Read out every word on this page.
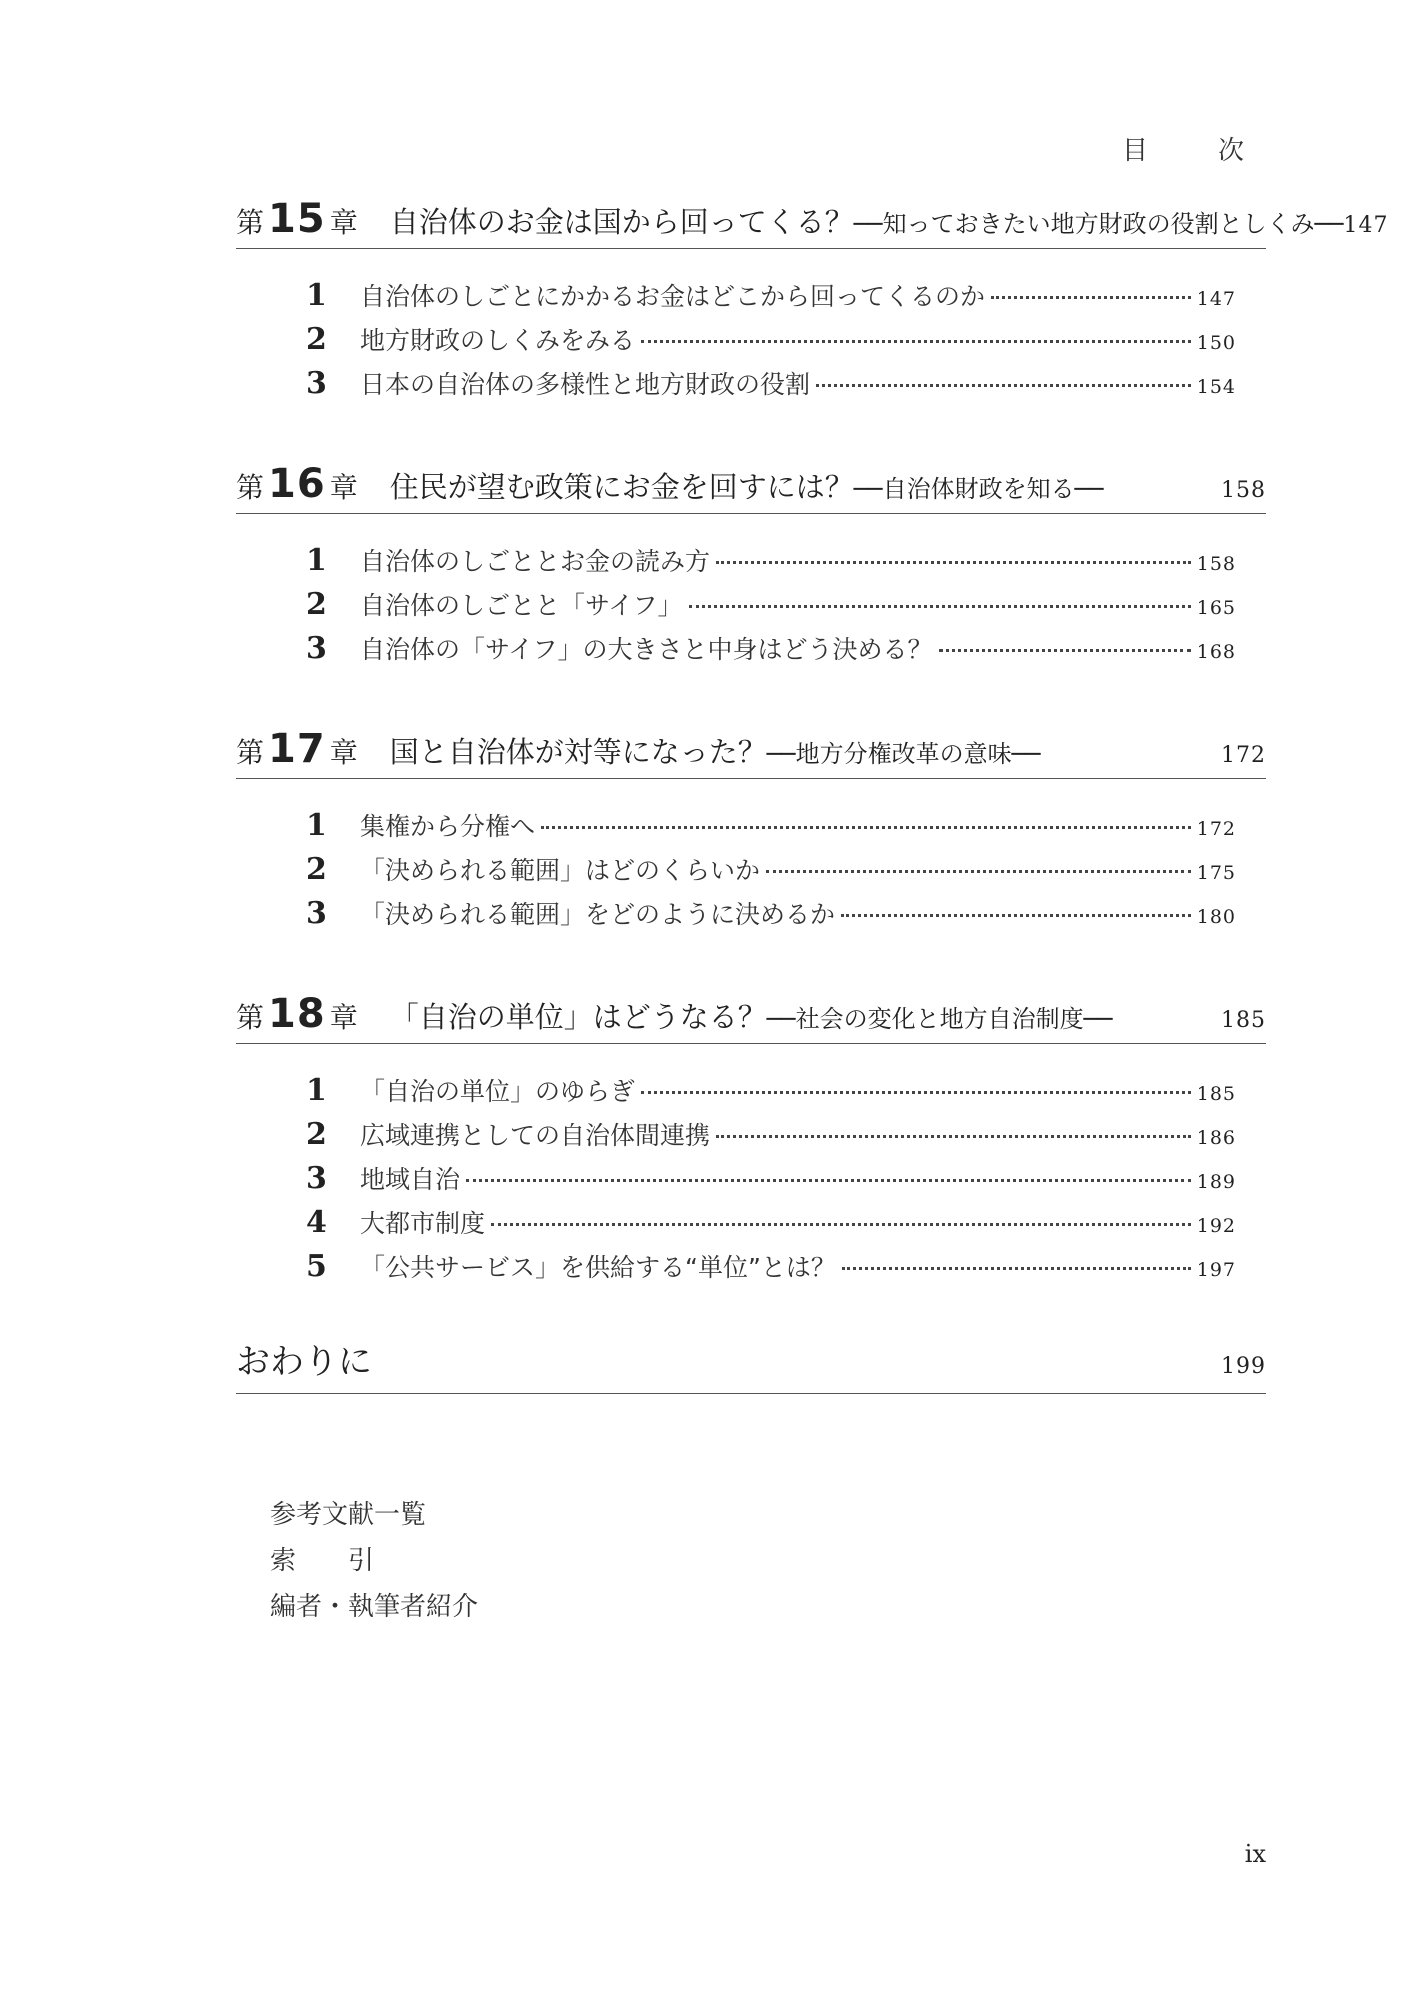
目　次
第 15 章 自治体のお金は国から回ってくる？ ──知っておきたい地方財政の役割としくみ── 147
1	自治体のしごとにかかるお金はどこから回ってくるのか	147
2	地方財政のしくみをみる	150
3	日本の自治体の多様性と地方財政の役割	154
第 16 章 住民が望む政策にお金を回すには？ ──自治体財政を知る──	158
1	自治体のしごととお金の読み方	158
2	自治体のしごとと「サイフ」	165
3	自治体の「サイフ」の大きさと中身はどう決める？	168
第 17 章 国と自治体が対等になった？ ──地方分権改革の意味──	172
1	集権から分権へ	172
2	「決められる範囲」はどのくらいか	175
3	「決められる範囲」をどのように決めるか	180
第 18 章 「自治の単位」はどうなる？ ──社会の変化と地方自治制度──	185
1	「自治の単位」のゆらぎ	185
2	広域連携としての自治体間連携	186
3	地域自治	189
4	大都市制度	192
5	「公共サービス」を供給する“単位”とは？	197
おわりに	199
参考文献一覧
索　　引
編者・執筆者紹介
ix
